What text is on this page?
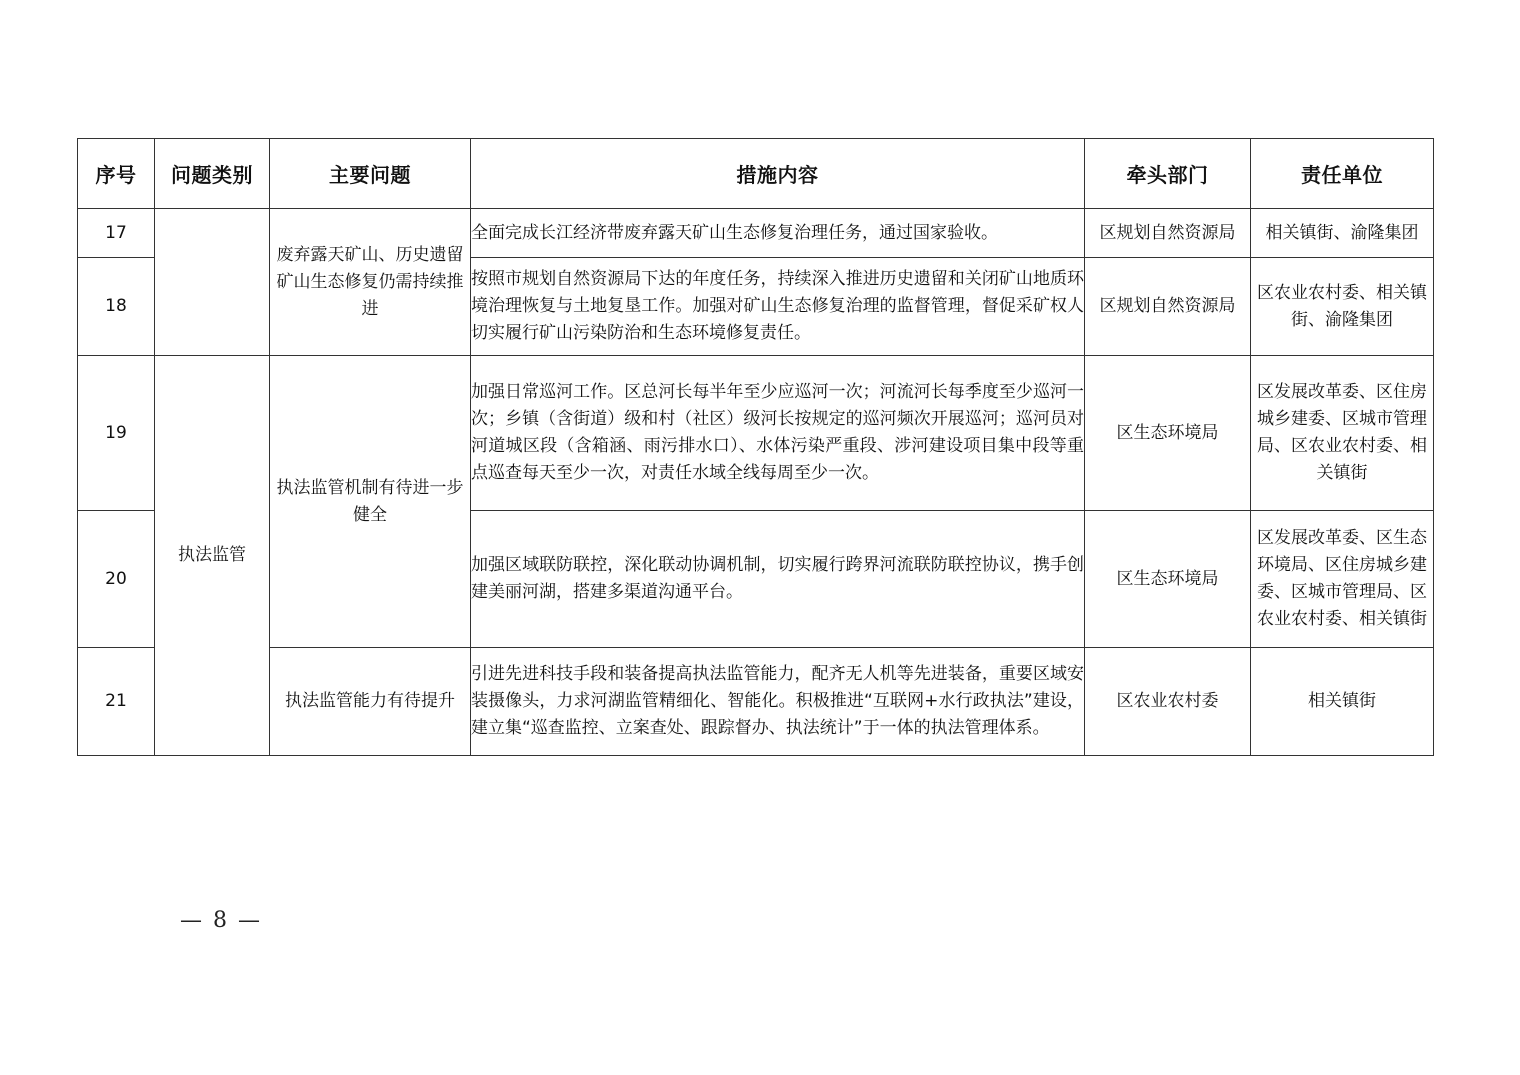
序号	问题类别	主要问题	措施内容	牵头部门	责任单位
17		废弃露天矿山、历史遗留矿山生态修复仍需持续推进	全面完成长江经济带废弃露天矿山生态修复治理任务，通过国家验收。	区规划自然资源局	相关镇街、渝隆集团
18			按照市规划自然资源局下达的年度任务，持续深入推进历史遗留和关闭矿山地质环境治理恢复与土地复垦工作。加强对矿山生态修复治理的监督管理，督促采矿权人切实履行矿山污染防治和生态环境修复责任。	区规划自然资源局	区农业农村委、相关镇街、渝隆集团
19	执法监管	执法监管机制有待进一步健全	加强日常巡河工作。区总河长每半年至少应巡河一次；河流河长每季度至少巡河一次；乡镇（含街道）级和村（社区）级河长按规定的巡河频次开展巡河；巡河员对河道城区段（含箱涵、雨污排水口）、水体污染严重段、涉河建设项目集中段等重点巡查每天至少一次，对责任水域全线每周至少一次。	区生态环境局	区发展改革委、区住房城乡建委、区城市管理局、区农业农村委、相关镇街
20			加强区域联防联控，深化联动协调机制，切实履行跨界河流联防联控协议，携手创建美丽河湖，搭建多渠道沟通平台。	区生态环境局	区发展改革委、区生态环境局、区住房城乡建委、区城市管理局、区农业农村委、相关镇街
21		执法监管能力有待提升	引进先进科技手段和装备提高执法监管能力，配齐无人机等先进装备，重要区域安装摄像头，力求河湖监管精细化、智能化。积极推进“互联网+水行政执法”建设，建立集“巡查监控、立案查处、跟踪督办、执法统计”于一体的执法管理体系。	区农业农村委	相关镇街
— 8 —
